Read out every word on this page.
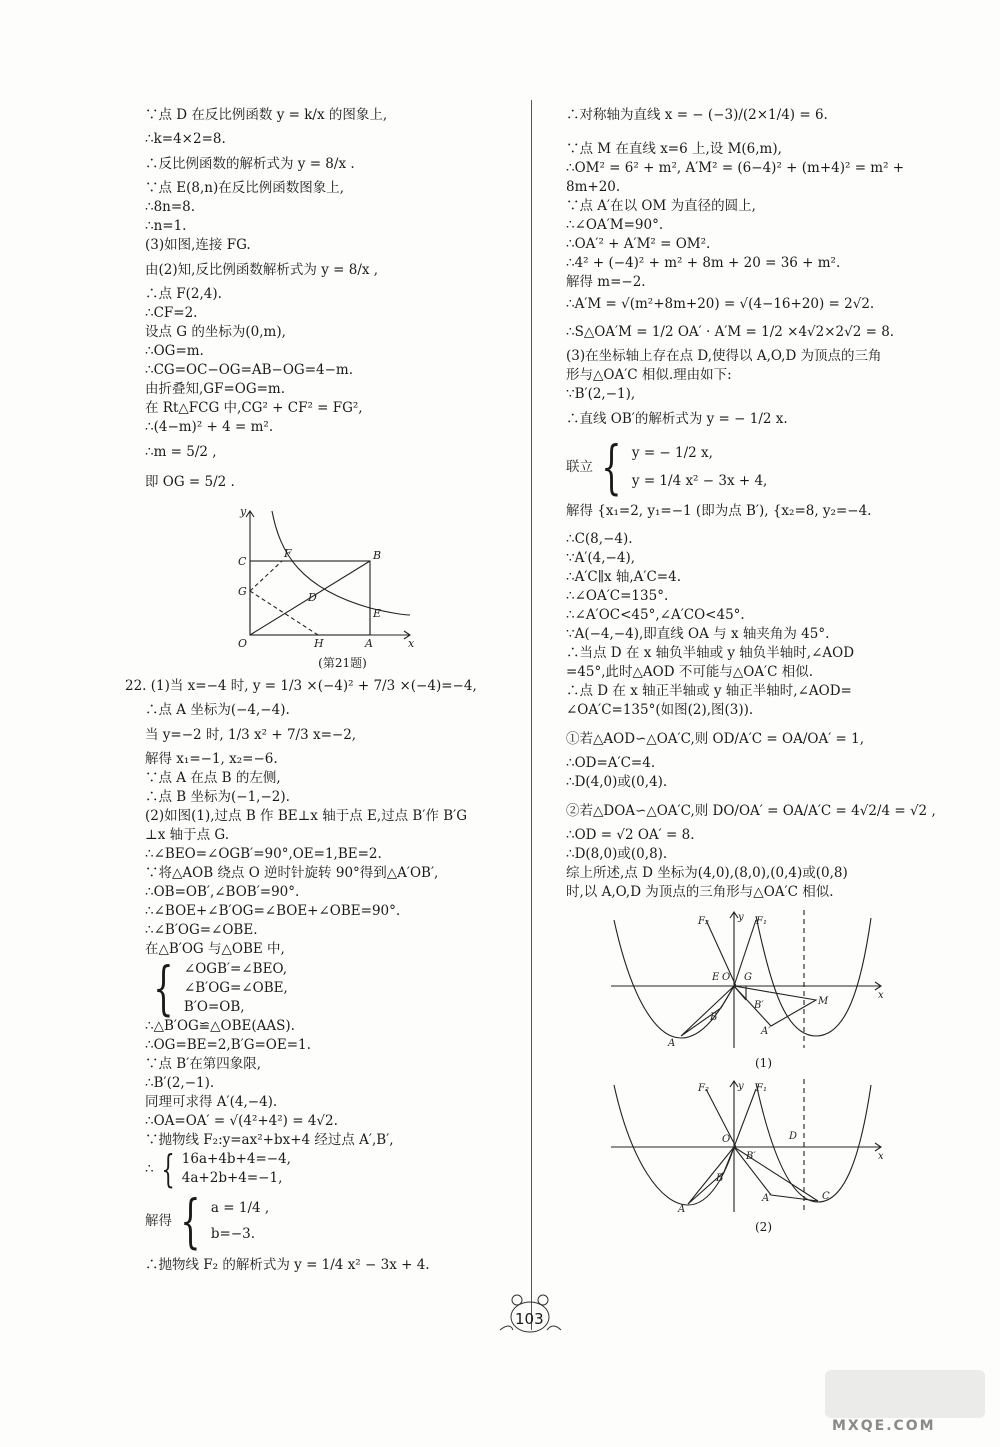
∵点 D 在反比例函数 y = k/x 的图象上,
∴k=4×2=8.
∴反比例函数的解析式为 y = 8/x .
∵点 E(8,n)在反比例函数图象上,
∴8n=8.
∴n=1.
(3)如图,连接 FG.
由(2)知,反比例函数解析式为 y = 8/x ,
∴点 F(2,4).
∴CF=2.
设点 G 的坐标为(0,m),
∴OG=m.
∴CG=OC−OG=AB−OG=4−m.
由折叠知,GF=OG=m.
在 Rt△FCG 中,CG² + CF² = FG²,
∴(4−m)² + 4 = m².
∴m = 5/2 ,
即 OG = 5/2 .
y
C
G
F
D
B
E
O	H	A	x
(第21题)
22. (1)当 x=−4 时, y = 1/3 ×(−4)² + 7/3 ×(−4)=−4,
∴点 A 坐标为(−4,−4).
当 y=−2 时, 1/3 x² + 7/3 x=−2,
解得 x₁=−1, x₂=−6.
∵点 A 在点 B 的左侧,
∴点 B 坐标为(−1,−2).
(2)如图(1),过点 B 作 BE⊥x 轴于点 E,过点 B′作 B′G
⊥x 轴于点 G.
∴∠BEO=∠OGB′=90°,OE=1,BE=2.
∵将△AOB 绕点 O 逆时针旋转 90°得到△A′OB′,
∴OB=OB′,∠BOB′=90°.
∴∠BOE+∠B′OG=∠BOE+∠OBE=90°.
∴∠B′OG=∠OBE.
在△B′OG 与△OBE 中,
{ ∠OGB′=∠BEO,
∠B′OG=∠OBE,
B′O=OB,
∴△B′OG≌△OBE(AAS).
∴OG=BE=2,B′G=OE=1.
∵点 B′在第四象限,
∴B′(2,−1).
同理可求得 A′(4,−4).
∴OA=OA′ = √(4²+4²) = 4√2.
∵抛物线 F₂:y=ax²+bx+4 经过点 A′,B′,
∴ { 16a+4b+4=−4,
4a+2b+4=−1,
解得 { a = 1/4 ,
b=−3.
∴抛物线 F₂ 的解析式为 y = 1/4 x² − 3x + 4.
∴对称轴为直线 x = − (−3)/(2×1/4) = 6.
∵点 M 在直线 x=6 上,设 M(6,m),
∴OM² = 6² + m², A′M² = (6−4)² + (m+4)² = m² +
8m+20.
∵点 A′在以 OM 为直径的圆上,
∴∠OA′M=90°.
∴OA′² + A′M² = OM².
∴4² + (−4)² + m² + 8m + 20 = 36 + m².
解得 m=−2.
∴A′M = √(m²+8m+20) = √(4−16+20) = 2√2.
∴S△OA′M = 1/2 OA′ · A′M = 1/2 ×4√2×2√2 = 8.
(3)在坐标轴上存在点 D,使得以 A,O,D 为顶点的三角
形与△OA′C 相似.理由如下:
∵B′(2,−1),
∴直线 OB′的解析式为 y = − 1/2 x.
联立 { y = − 1/2 x,
y = 1/4 x² − 3x + 4,
解得 {x₁=2, y₁=−1 (即为点 B′), {x₂=8, y₂=−4.
∴C(8,−4).
∵A′(4,−4),
∴A′C∥x 轴,A′C=4.
∴∠OA′C=135°.
∴∠A′OC<45°,∠A′CO<45°.
∵A(−4,−4),即直线 OA 与 x 轴夹角为 45°.
∴当点 D 在 x 轴负半轴或 y 轴负半轴时,∠AOD
=45°,此时△AOD 不可能与△OA′C 相似.
∴点 D 在 x 轴正半轴或 y 轴正半轴时,∠AOD=
∠OA′C=135°(如图(2),图(3)).
①若△AOD∽△OA′C,则 OD/A′C = OA/OA′ = 1,
∴OD=A′C=4.
∴D(4,0)或(0,4).
②若△DOA∽△OA′C,则 DO/OA′ = OA/A′C = 4√2/4 = √2 ,
∴OD = √2 OA′ = 8.
∴D(8,0)或(0,8).
综上所述,点 D 坐标为(4,0),(8,0),(0,4)或(0,8)
时,以 A,O,D 为顶点的三角形与△OA′C 相似.
F₂	y F₁
E O G
B′	M
B
A′
A
x
(1)
F₂	y F₁
O	D
B′
B
A′
A
C
x
(2)
103
MXQE.COM
